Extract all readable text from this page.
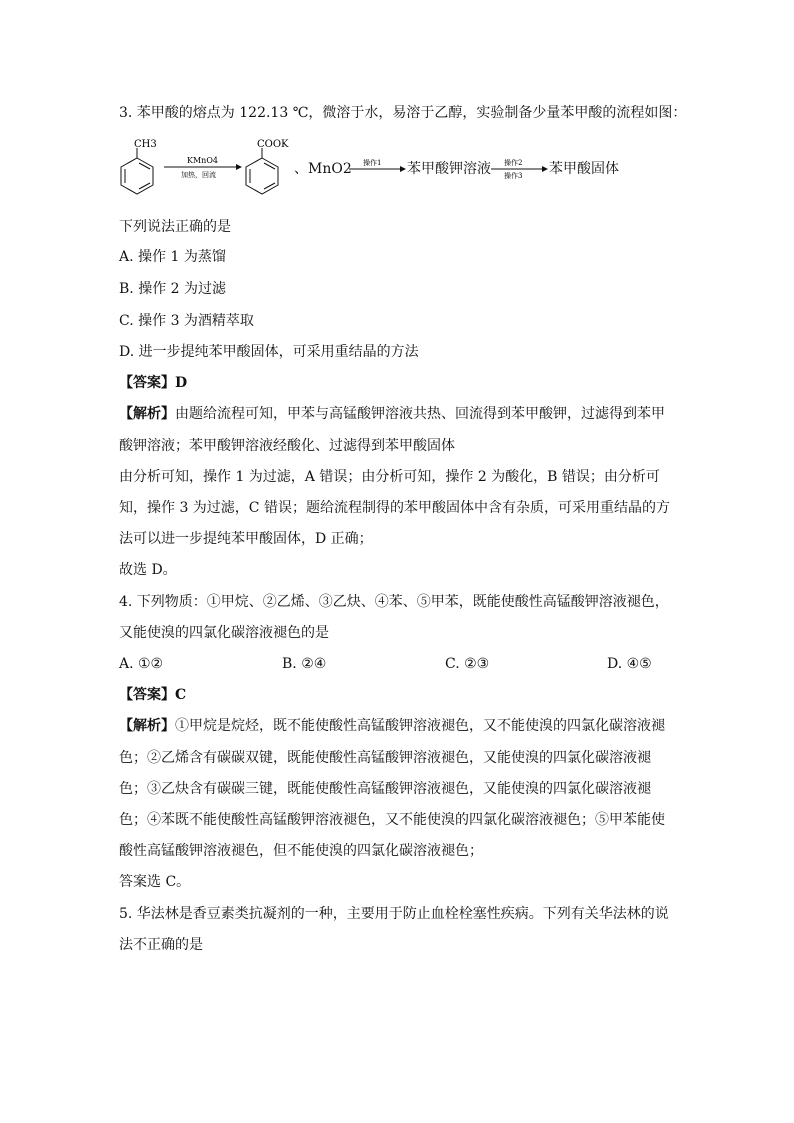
3. 苯甲酸的熔点为 122.13 ℃，微溶于水，易溶于乙醇，实验制备少量苯甲酸的流程如图：
CH3
KMnO4
加热，回流
COOK
操作1	操作2
操作3
、MnO2	苯甲酸钾溶液	苯甲酸固体
下列说法正确的是
A. 操作 1 为蒸馏
B. 操作 2 为过滤
C. 操作 3 为酒精萃取
D. 进一步提纯苯甲酸固体，可采用重结晶的方法
【答案】D
【解析】由题给流程可知，甲苯与高锰酸钾溶液共热、回流得到苯甲酸钾，过滤得到苯甲
酸钾溶液；苯甲酸钾溶液经酸化、过滤得到苯甲酸固体
由分析可知，操作 1 为过滤，A 错误；由分析可知，操作 2 为酸化，B 错误；由分析可
知，操作 3 为过滤，C 错误；题给流程制得的苯甲酸固体中含有杂质，可采用重结晶的方
法可以进一步提纯苯甲酸固体，D 正确；
故选 D。
4. 下列物质：①甲烷、②乙烯、③乙炔、④苯、⑤甲苯，既能使酸性高锰酸钾溶液褪色，
又能使溴的四氯化碳溶液褪色的是
A. ①②	B. ②④	C. ②③	D. ④⑤
【答案】C
【解析】①甲烷是烷烃，既不能使酸性高锰酸钾溶液褪色，又不能使溴的四氯化碳溶液褪
色；②乙烯含有碳碳双键，既能使酸性高锰酸钾溶液褪色，又能使溴的四氯化碳溶液褪
色；③乙炔含有碳碳三键，既能使酸性高锰酸钾溶液褪色，又能使溴的四氯化碳溶液褪
色；④苯既不能使酸性高锰酸钾溶液褪色，又不能使溴的四氯化碳溶液褪色；⑤甲苯能使
酸性高锰酸钾溶液褪色，但不能使溴的四氯化碳溶液褪色；
答案选 C。
5. 华法林是香豆素类抗凝剂的一种，主要用于防止血栓栓塞性疾病。下列有关华法林的说
法不正确的是
